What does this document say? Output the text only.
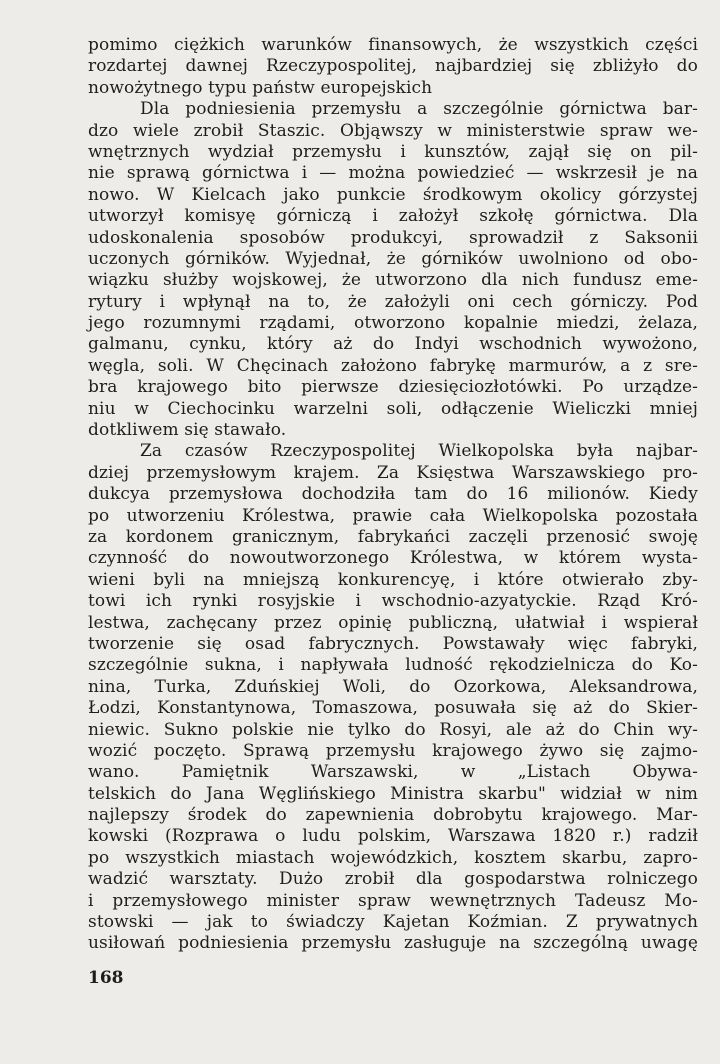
pomimo ciężkich warunków finansowych, że wszystkich części
rozdartej dawnej Rzeczypospolitej, najbardziej się zbliżyło do
nowożytnego typu państw europejskich
Dla podniesienia przemysłu a szczególnie górnictwa bar-
dzo wiele zrobił Staszic. Objąwszy w ministerstwie spraw we-
wnętrznych wydział przemysłu i kunsztów, zajął się on pil-
nie sprawą górnictwa i — można powiedzieć — wskrzesił je na
nowo. W Kielcach jako punkcie środkowym okolicy górzystej
utworzył komisyę górniczą i założył szkołę górnictwa. Dla
udoskonalenia sposobów produkcyi, sprowadził z Saksonii
uczonych górników. Wyjednał, że górników uwolniono od obo-
wiązku służby wojskowej, że utworzono dla nich fundusz eme-
rytury i wpłynął na to, że założyli oni cech górniczy. Pod
jego rozumnymi rządami, otworzono kopalnie miedzi, żelaza,
galmanu, cynku, który aż do Indyi wschodnich wywożono,
węgla, soli. W Chęcinach założono fabrykę marmurów, a z sre-
bra krajowego bito pierwsze dziesięciozłotówki. Po urządze-
niu w Ciechocinku warzelni soli, odłączenie Wieliczki mniej
dotkliwem się stawało.
Za czasów Rzeczypospolitej Wielkopolska była najbar-
dziej przemysłowym krajem. Za Księstwa Warszawskiego pro-
dukcya przemysłowa dochodziła tam do 16 milionów. Kiedy
po utworzeniu Królestwa, prawie cała Wielkopolska pozostała
za kordonem granicznym, fabrykańci zaczęli przenosić swoję
czynność do nowoutworzonego Królestwa, w którem wysta-
wieni byli na mniejszą konkurencyę, i które otwierało zby-
towi ich rynki rosyjskie i wschodnio-azyatyckie. Rząd Kró-
lestwa, zachęcany przez opinię publiczną, ułatwiał i wspierał
tworzenie się osad fabrycznych. Powstawały więc fabryki,
szczególnie sukna, i napływała ludność rękodzielnicza do Ko-
nina, Turka, Zduńskiej Woli, do Ozorkowa, Aleksandrowa,
Łodzi, Konstantynowa, Tomaszowa, posuwała się aż do Skier-
niewic. Sukno polskie nie tylko do Rosyi, ale aż do Chin wy-
wozić poczęto. Sprawą przemysłu krajowego żywo się zajmo-
wano. Pamiętnik Warszawski, w „Listach Obywa-
telskich do Jana Węglińskiego Ministra skarbu" widział w nim
najlepszy środek do zapewnienia dobrobytu krajowego. Mar-
kowski (Rozprawa o ludu polskim, Warszawa 1820 r.) radził
po wszystkich miastach wojewódzkich, kosztem skarbu, zapro-
wadzić warsztaty. Dużo zrobił dla gospodarstwa rolniczego
i przemysłowego minister spraw wewnętrznych Tadeusz Mo-
stowski — jak to świadczy Kajetan Koźmian. Z prywatnych
usiłowań podniesienia przemysłu zasługuje na szczególną uwagę
168
